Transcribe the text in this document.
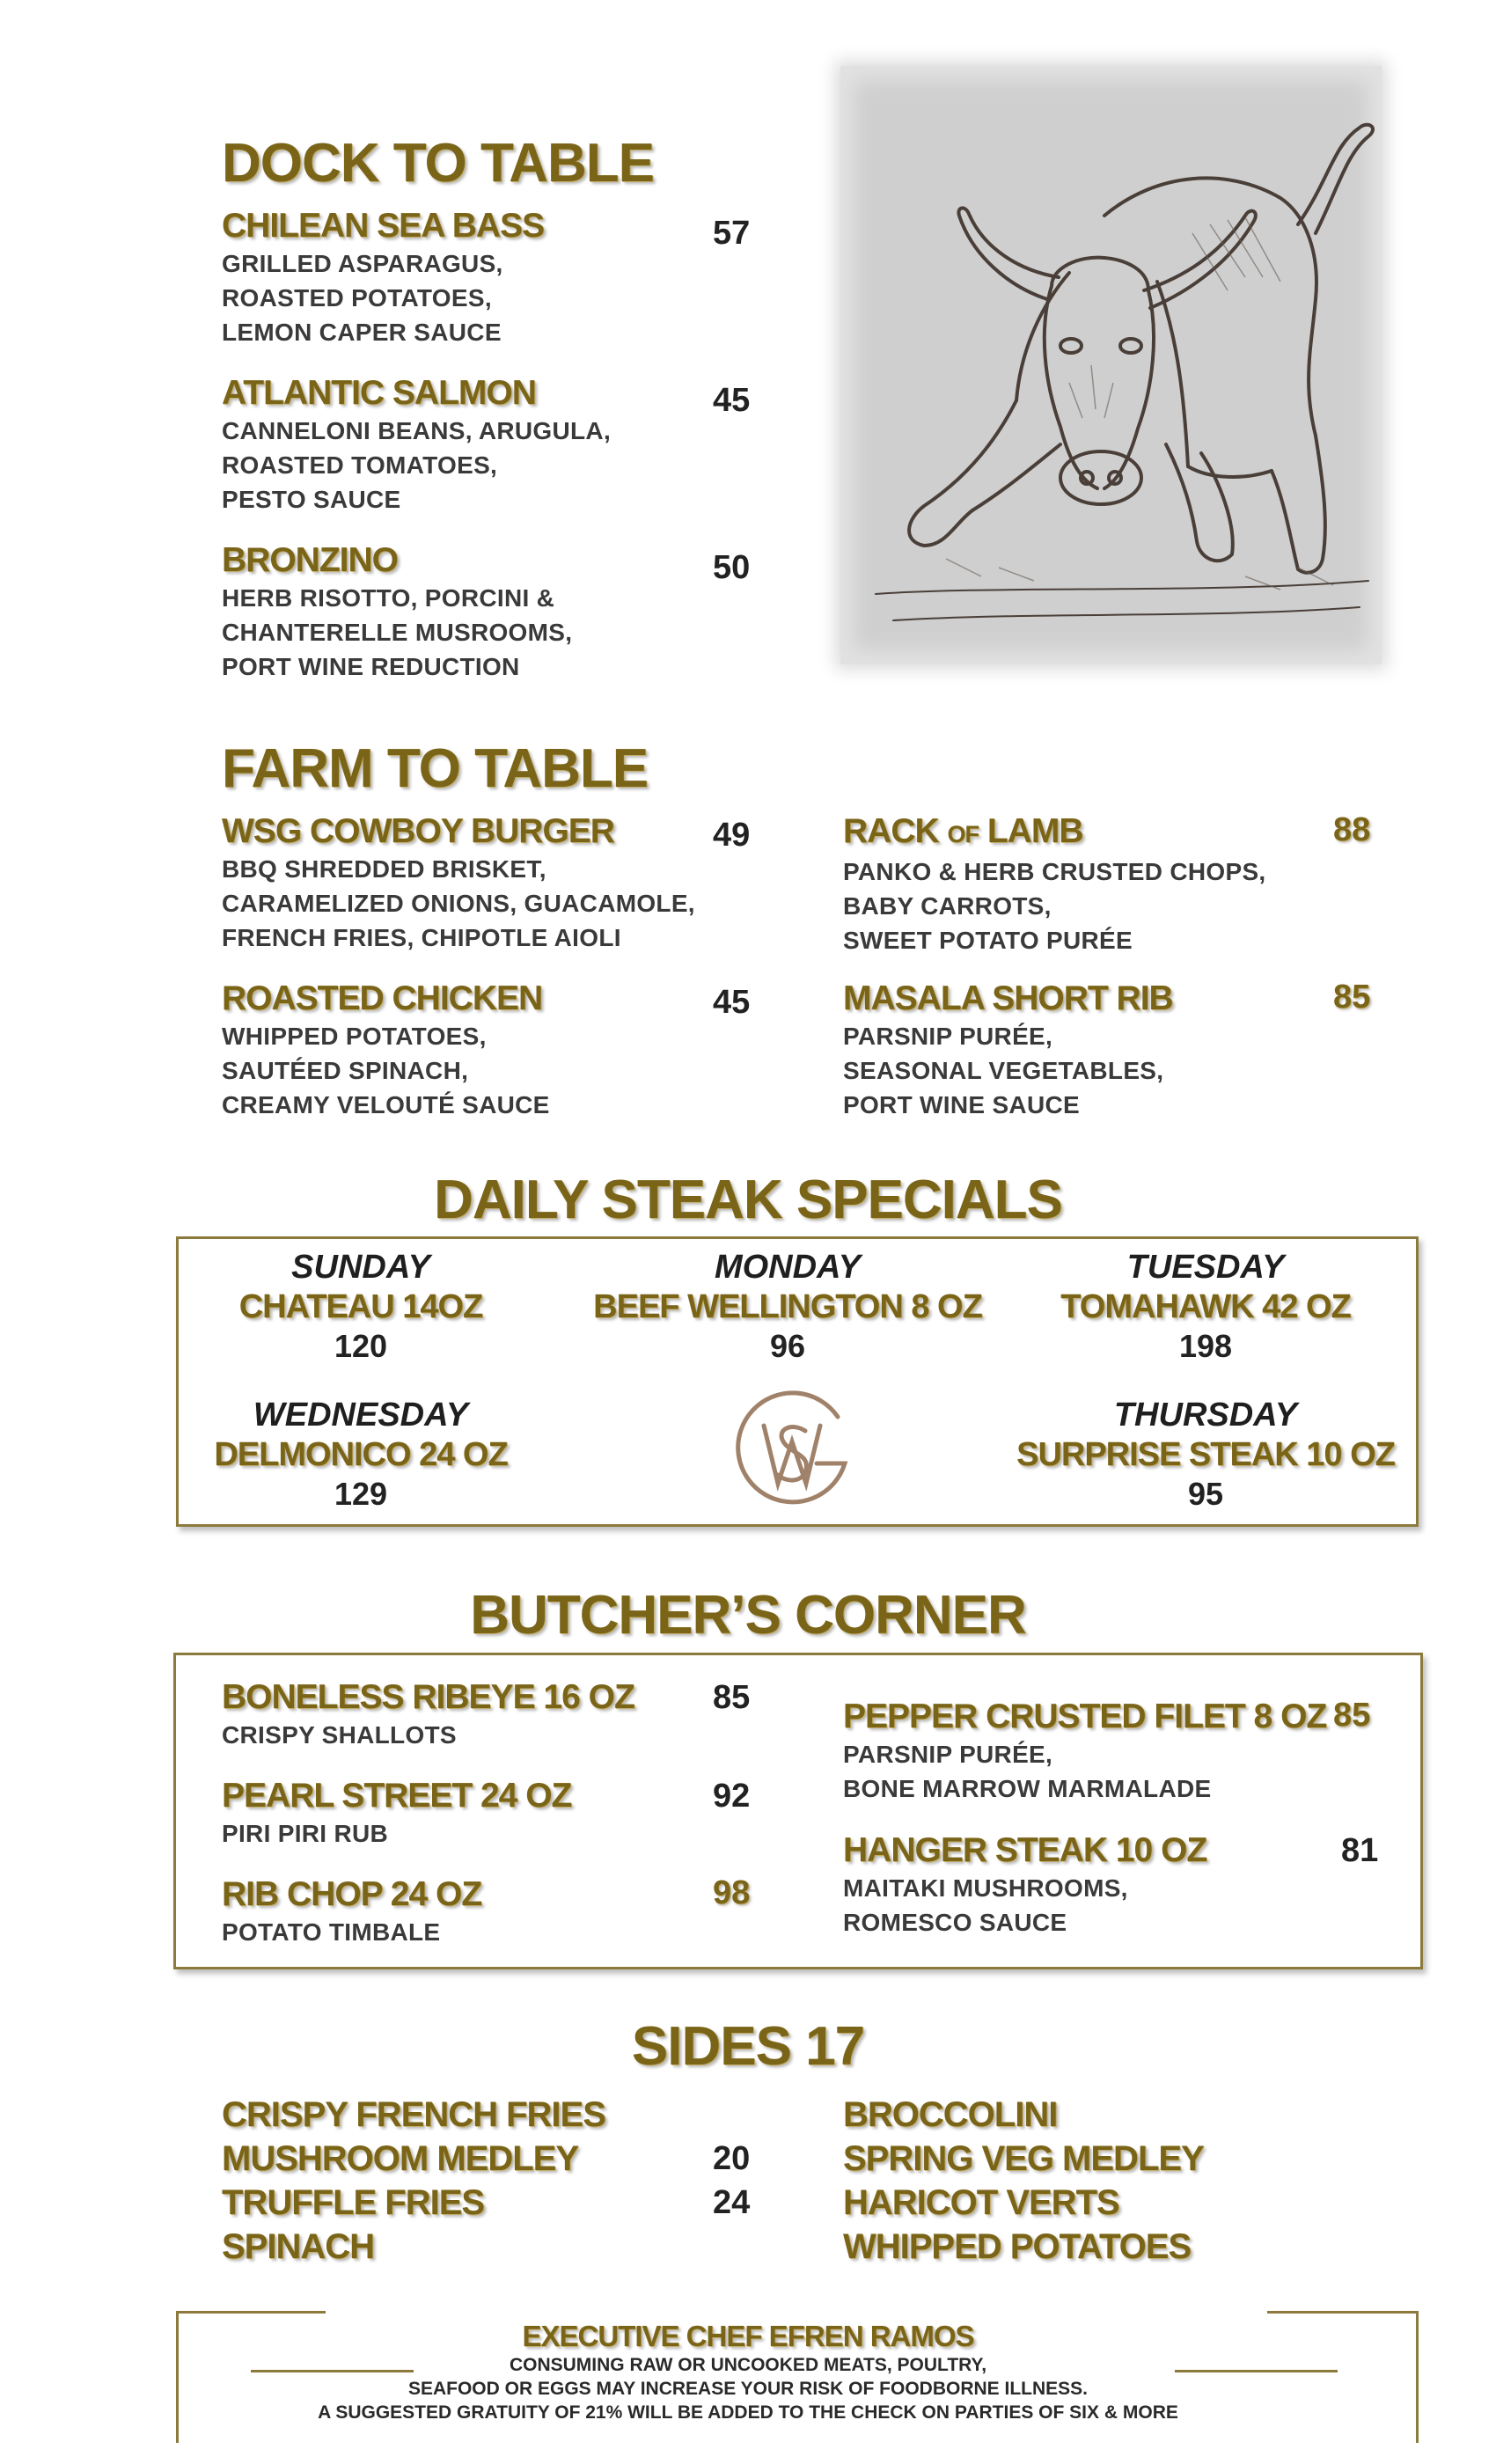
DOCK TO TABLE
CHILEAN SEA BASS
GRILLED ASPARAGUS,
ROASTED POTATOES,
LEMON CAPER SAUCE
57
ATLANTIC SALMON
CANNELONI BEANS, ARUGULA,
ROASTED TOMATOES,
PESTO SAUCE
45
BRONZINO
HERB RISOTTO, PORCINI &
CHANTERELLE MUSROOMS,
PORT WINE REDUCTION
50
FARM TO TABLE
WSG COWBOY BURGER
BBQ SHREDDED BRISKET,
CARAMELIZED ONIONS, GUACAMOLE,
FRENCH FRIES, CHIPOTLE AIOLI
49
ROASTED CHICKEN
WHIPPED POTATOES,
SAUTÉED SPINACH,
CREAMY VELOUTÉ SAUCE
45
RACK OF LAMB
PANKO & HERB CRUSTED CHOPS,
BABY CARROTS,
SWEET POTATO PURÉE
88
MASALA SHORT RIB
PARSNIP PURÉE,
SEASONAL VEGETABLES,
PORT WINE SAUCE
85
DAILY STEAK SPECIALS
SUNDAY
CHATEAU 14OZ
120
MONDAY
BEEF WELLINGTON 8 OZ
96
TUESDAY
TOMAHAWK 42 OZ
198
WEDNESDAY
DELMONICO 24 OZ
129
THURSDAY
SURPRISE STEAK 10 OZ
95
BUTCHER’S CORNER
BONELESS RIBEYE 16 OZ
CRISPY SHALLOTS
85
PEARL STREET 24 OZ
PIRI PIRI RUB
92
RIB CHOP 24 OZ
POTATO TIMBALE
98
PEPPER CRUSTED FILET 8 OZ
PARSNIP PURÉE,
BONE MARROW MARMALADE
85
HANGER STEAK 10 OZ
MAITAKI MUSHROOMS,
ROMESCO SAUCE
81
SIDES 17
CRISPY FRENCH FRIES
MUSHROOM MEDLEY
TRUFFLE FRIES
SPINACH
20
24
BROCCOLINI
SPRING VEG MEDLEY
HARICOT VERTS
WHIPPED POTATOES
EXECUTIVE CHEF EFREN RAMOS
CONSUMING RAW OR UNCOOKED MEATS, POULTRY,
SEAFOOD OR EGGS MAY INCREASE YOUR RISK OF FOODBORNE ILLNESS.
A SUGGESTED GRATUITY OF 21% WILL BE ADDED TO THE CHECK ON PARTIES OF SIX & MORE
